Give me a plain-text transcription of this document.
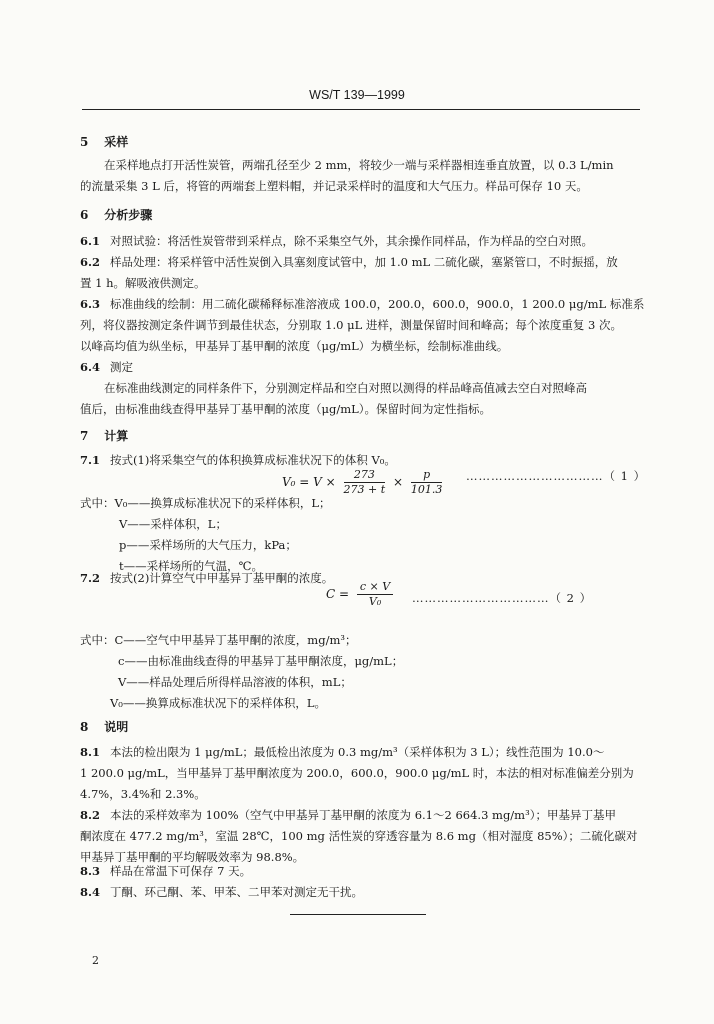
WS/T 139—1999
5 采样
在采样地点打开活性炭管，两端孔径至少 2 mm，将较少一端与采样器相连垂直放置，以 0.3 L/min
的流量采集 3 L 后，将管的两端套上塑料帽，并记录采样时的温度和大气压力。样品可保存 10 天。
6 分析步骤
6.1 对照试验：将活性炭管带到采样点，除不采集空气外，其余操作同样品，作为样品的空白对照。
6.2 样品处理：将采样管中活性炭倒入具塞刻度试管中，加 1.0 mL 二硫化碳，塞紧管口，不时振摇，放
置 1 h。解吸液供测定。
6.3 标准曲线的绘制：用二硫化碳稀释标准溶液成 100.0，200.0，600.0，900.0，1 200.0 μg/mL 标准系
列，将仪器按测定条件调节到最佳状态，分别取 1.0 μL 进样，测量保留时间和峰高；每个浓度重复 3 次。
以峰高均值为纵坐标，甲基异丁基甲酮的浓度（μg/mL）为横坐标，绘制标准曲线。
6.4 测定
在标准曲线测定的同样条件下，分别测定样品和空白对照以测得的样品峰高值减去空白对照峰高
值后，由标准曲线查得甲基异丁基甲酮的浓度（μg/mL）。保留时间为定性指标。
7 计算
7.1 按式(1)将采集空气的体积换算成标准状况下的体积 V₀。
$V_0 = V \times \frac{273}{273 + t} \times \frac{p}{101.3}$ ……………………………（ 1 ）
式中：V₀——换算成标准状况下的采样体积，L；
V——采样体积，L；
p——采样场所的大气压力，kPa；
t——采样场所的气温，℃。
7.2 按式(2)计算空气中甲基异丁基甲酮的浓度。
$C = \frac{c \times V}{\text{V₀}}$ ……………………………（ 2 ）
式中：C——空气中甲基异丁基甲酮的浓度，mg/m³；
c——由标准曲线查得的甲基异丁基甲酮浓度，μg/mL；
V——样品处理后所得样品溶液的体积，mL；
V₀——换算成标准状况下的采样体积，L。
8 说明
8.1 本法的检出限为 1 μg/mL；最低检出浓度为 0.3 mg/m³（采样体积为 3 L）；线性范围为 10.0～
1 200.0 μg/mL，当甲基异丁基甲酮浓度为 200.0，600.0，900.0 μg/mL 时，本法的相对标准偏差分别为
4.7%，3.4%和 2.3%。
8.2 本法的采样效率为 100%（空气中甲基异丁基甲酮的浓度为 6.1～2 664.3 mg/m³）；甲基异丁基甲
酮浓度在 477.2 mg/m³，室温 28℃，100 mg 活性炭的穿透容量为 8.6 mg（相对湿度 85%）；二硫化碳对
甲基异丁基甲酮的平均解吸效率为 98.8%。
8.3 样品在常温下可保存 7 天。
8.4 丁酮、环己酮、苯、甲苯、二甲苯对测定无干扰。
2
